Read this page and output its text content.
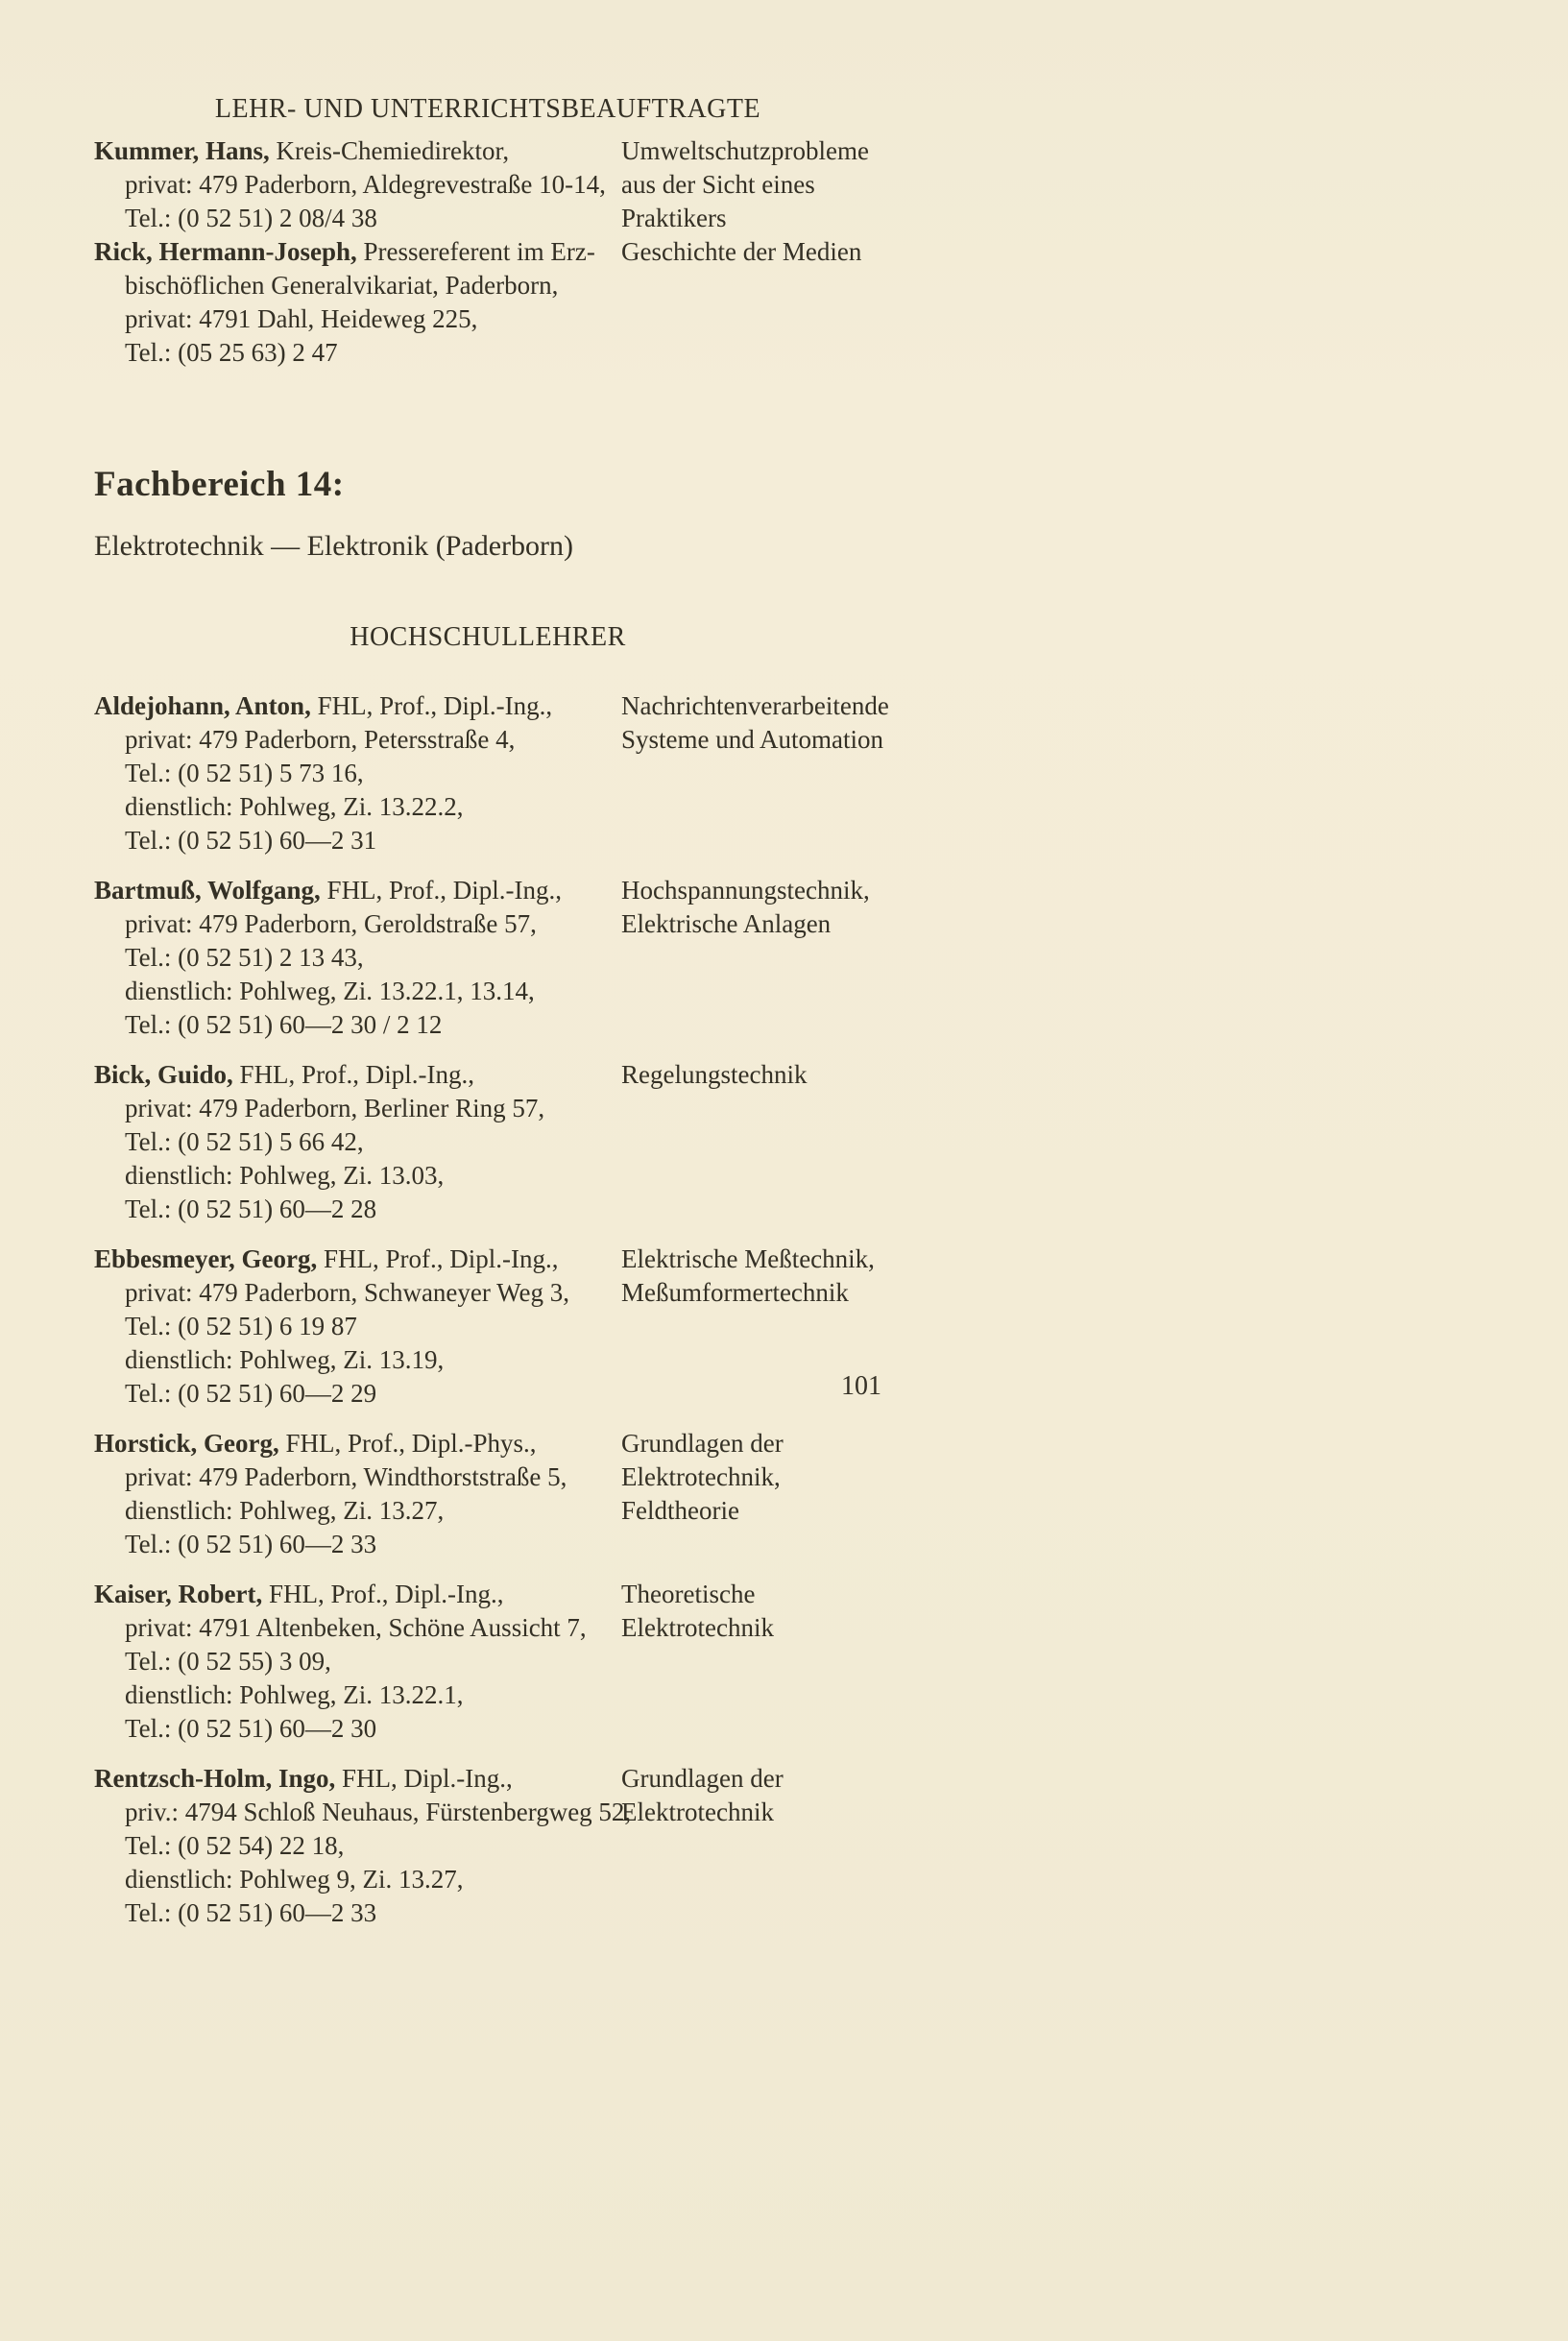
LEHR- UND UNTERRICHTSBEAUFTRAGTE

Kummer, Hans, Kreis-Chemiedirektor,

privat: 479 Paderborn, Aldegrevestraße 10-14,

Tel.: (0 52 51) 2 08/4 38

Umweltschutzprobleme

aus der Sicht eines

Praktikers

Rick, Hermann-Joseph, Pressereferent im Erz-

bischöflichen Generalvikariat, Paderborn,

privat: 4791 Dahl, Heideweg 225,

Tel.: (05 25 63) 2 47

Geschichte der Medien

Fachbereich 14:

Elektrotechnik — Elektronik (Paderborn)

HOCHSCHULLEHRER

Aldejohann, Anton, FHL, Prof., Dipl.-Ing.,

privat: 479 Paderborn, Petersstraße 4,

Tel.: (0 52 51) 5 73 16,

dienstlich: Pohlweg, Zi. 13.22.2,

Tel.: (0 52 51) 60—2 31

Nachrichtenverarbeitende

Systeme und Automation

Bartmuß, Wolfgang, FHL, Prof., Dipl.-Ing.,

privat: 479 Paderborn, Geroldstraße 57,

Tel.: (0 52 51) 2 13 43,

dienstlich: Pohlweg, Zi. 13.22.1, 13.14,

Tel.: (0 52 51) 60—2 30 / 2 12

Hochspannungstechnik,

Elektrische Anlagen

Bick, Guido, FHL, Prof., Dipl.-Ing.,

privat: 479 Paderborn, Berliner Ring 57,

Tel.: (0 52 51) 5 66 42,

dienstlich: Pohlweg, Zi. 13.03,

Tel.: (0 52 51) 60—2 28

Regelungstechnik

Ebbesmeyer, Georg, FHL, Prof., Dipl.-Ing.,

privat: 479 Paderborn, Schwaneyer Weg 3,

Tel.: (0 52 51) 6 19 87

dienstlich: Pohlweg, Zi. 13.19,

Tel.: (0 52 51) 60—2 29

Elektrische Meßtechnik,

Meßumformertechnik

Horstick, Georg, FHL, Prof., Dipl.-Phys.,

privat: 479 Paderborn, Windthorststraße 5,

dienstlich: Pohlweg, Zi. 13.27,

Tel.: (0 52 51) 60—2 33

Grundlagen der

Elektrotechnik,

Feldtheorie

Kaiser, Robert, FHL, Prof., Dipl.-Ing.,

privat: 4791 Altenbeken, Schöne Aussicht 7,

Tel.: (0 52 55) 3 09,

dienstlich: Pohlweg, Zi. 13.22.1,

Tel.: (0 52 51) 60—2 30

Theoretische

Elektrotechnik

Rentzsch-Holm, Ingo, FHL, Dipl.-Ing.,

priv.: 4794 Schloß Neuhaus, Fürstenbergweg 52,

Tel.: (0 52 54) 22 18,

dienstlich: Pohlweg 9, Zi. 13.27,

Tel.: (0 52 51) 60—2 33

Grundlagen der

Elektrotechnik

101
